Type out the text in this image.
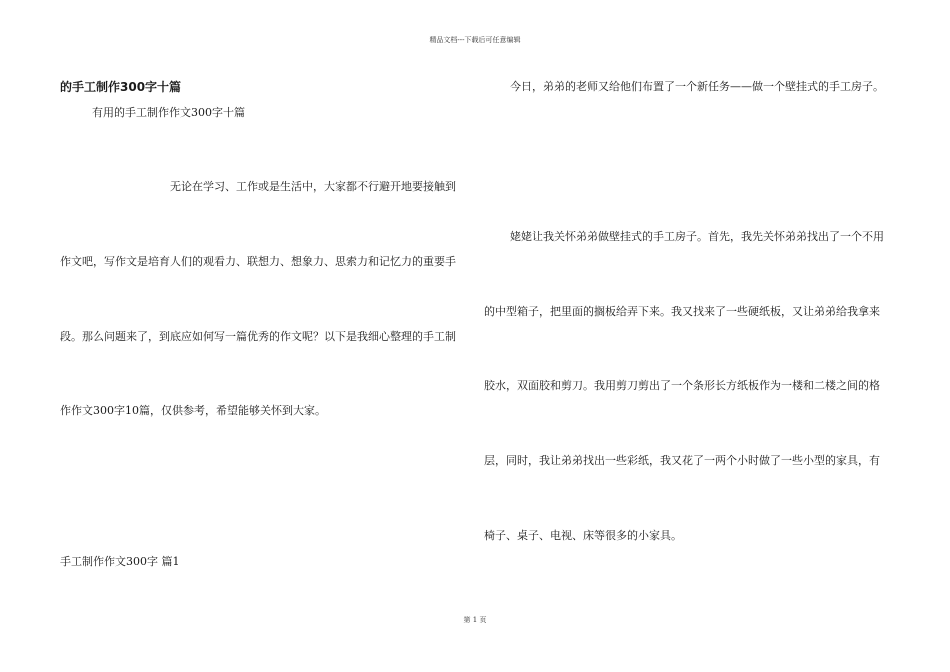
精品文档---下载后可任意编辑
的手工制作300字十篇
有用的手工制作作文300字十篇
无论在学习、工作或是生活中，大家都不行避开地要接触到
作文吧，写作文是培育人们的观看力、联想力、想象力、思索力和记忆力的重要手
段。那么问题来了，到底应如何写一篇优秀的作文呢？以下是我细心整理的手工制
作作文300字10篇，仅供参考，希望能够关怀到大家。
手工制作作文300字 篇1
今日，弟弟的老师又给他们布置了一个新任务——做一个壁挂式的手工房子。
姥姥让我关怀弟弟做壁挂式的手工房子。首先，我先关怀弟弟找出了一个不用
的中型箱子，把里面的搁板给弄下来。我又找来了一些硬纸板，又让弟弟给我拿来
胶水，双面胶和剪刀。我用剪刀剪出了一个条形长方纸板作为一楼和二楼之间的格
层，同时，我让弟弟找出一些彩纸，我又花了一两个小时做了一些小型的家具，有
椅子、桌子、电视、床等很多的小家具。
第 1 页
